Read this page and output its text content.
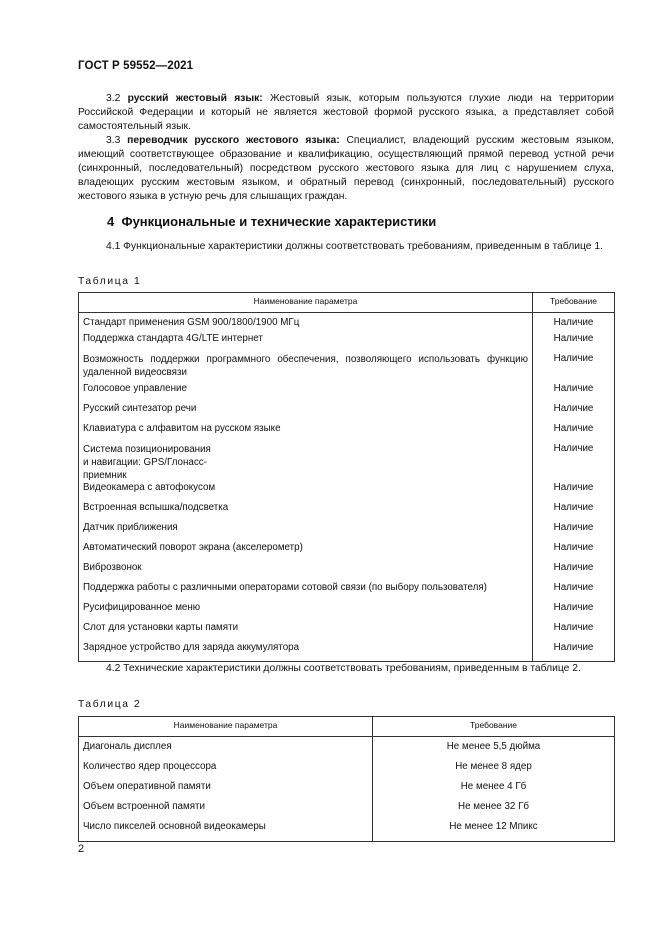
ГОСТ Р 59552—2021
3.2 русский жестовый язык: Жестовый язык, которым пользуются глухие люди на территории Российской Федерации и который не является жестовой формой русского языка, а представляет собой самостоятельный язык.
3.3 переводчик русского жестового языка: Специалист, владеющий русским жестовым языком, имеющий соответствующее образование и квалификацию, осуществляющий прямой перевод устной речи (синхронный, последовательный) посредством русского жестового языка для лиц с нарушением слуха, владеющих русским жестовым языком, и обратный перевод (синхронный, последовательный) русского жестового языка в устную речь для слышащих граждан.
4 Функциональные и технические характеристики
4.1 Функциональные характеристики должны соответствовать требованиям, приведенным в таблице 1.
Таблица 1
Наименование параметра	Требование
Стандарт применения GSM 900/1800/1900 МГц	Наличие
Поддержка стандарта 4G/LTE интернет	Наличие
Возможность поддержки программного обеспечения, позволяющего использовать функцию удаленной видеосвязи	Наличие
Голосовое управление	Наличие
Русский синтезатор речи	Наличие
Клавиатура с алфавитом на русском языке	Наличие
Система позиционирования и навигации: GPS/Глонасс-приемник	Наличие
Видеокамера с автофокусом	Наличие
Встроенная вспышка/подсветка	Наличие
Датчик приближения	Наличие
Автоматический поворот экрана (акселерометр)	Наличие
Виброзвонок	Наличие
Поддержка работы с различными операторами сотовой связи (по выбору пользователя)	Наличие
Русифицированное меню	Наличие
Слот для установки карты памяти	Наличие
Зарядное устройство для заряда аккумулятора	Наличие
4.2 Технические характеристики должны соответствовать требованиям, приведенным в таблице 2.
Таблица 2
Наименование параметра	Требование
Диагональ дисплея	Не менее 5,5 дюйма
Количество ядер процессора	Не менее 8 ядер
Объем оперативной памяти	Не менее 4 Гб
Объем встроенной памяти	Не менее 32 Гб
Число пикселей основной видеокамеры	Не менее 12 Мпикс
2
